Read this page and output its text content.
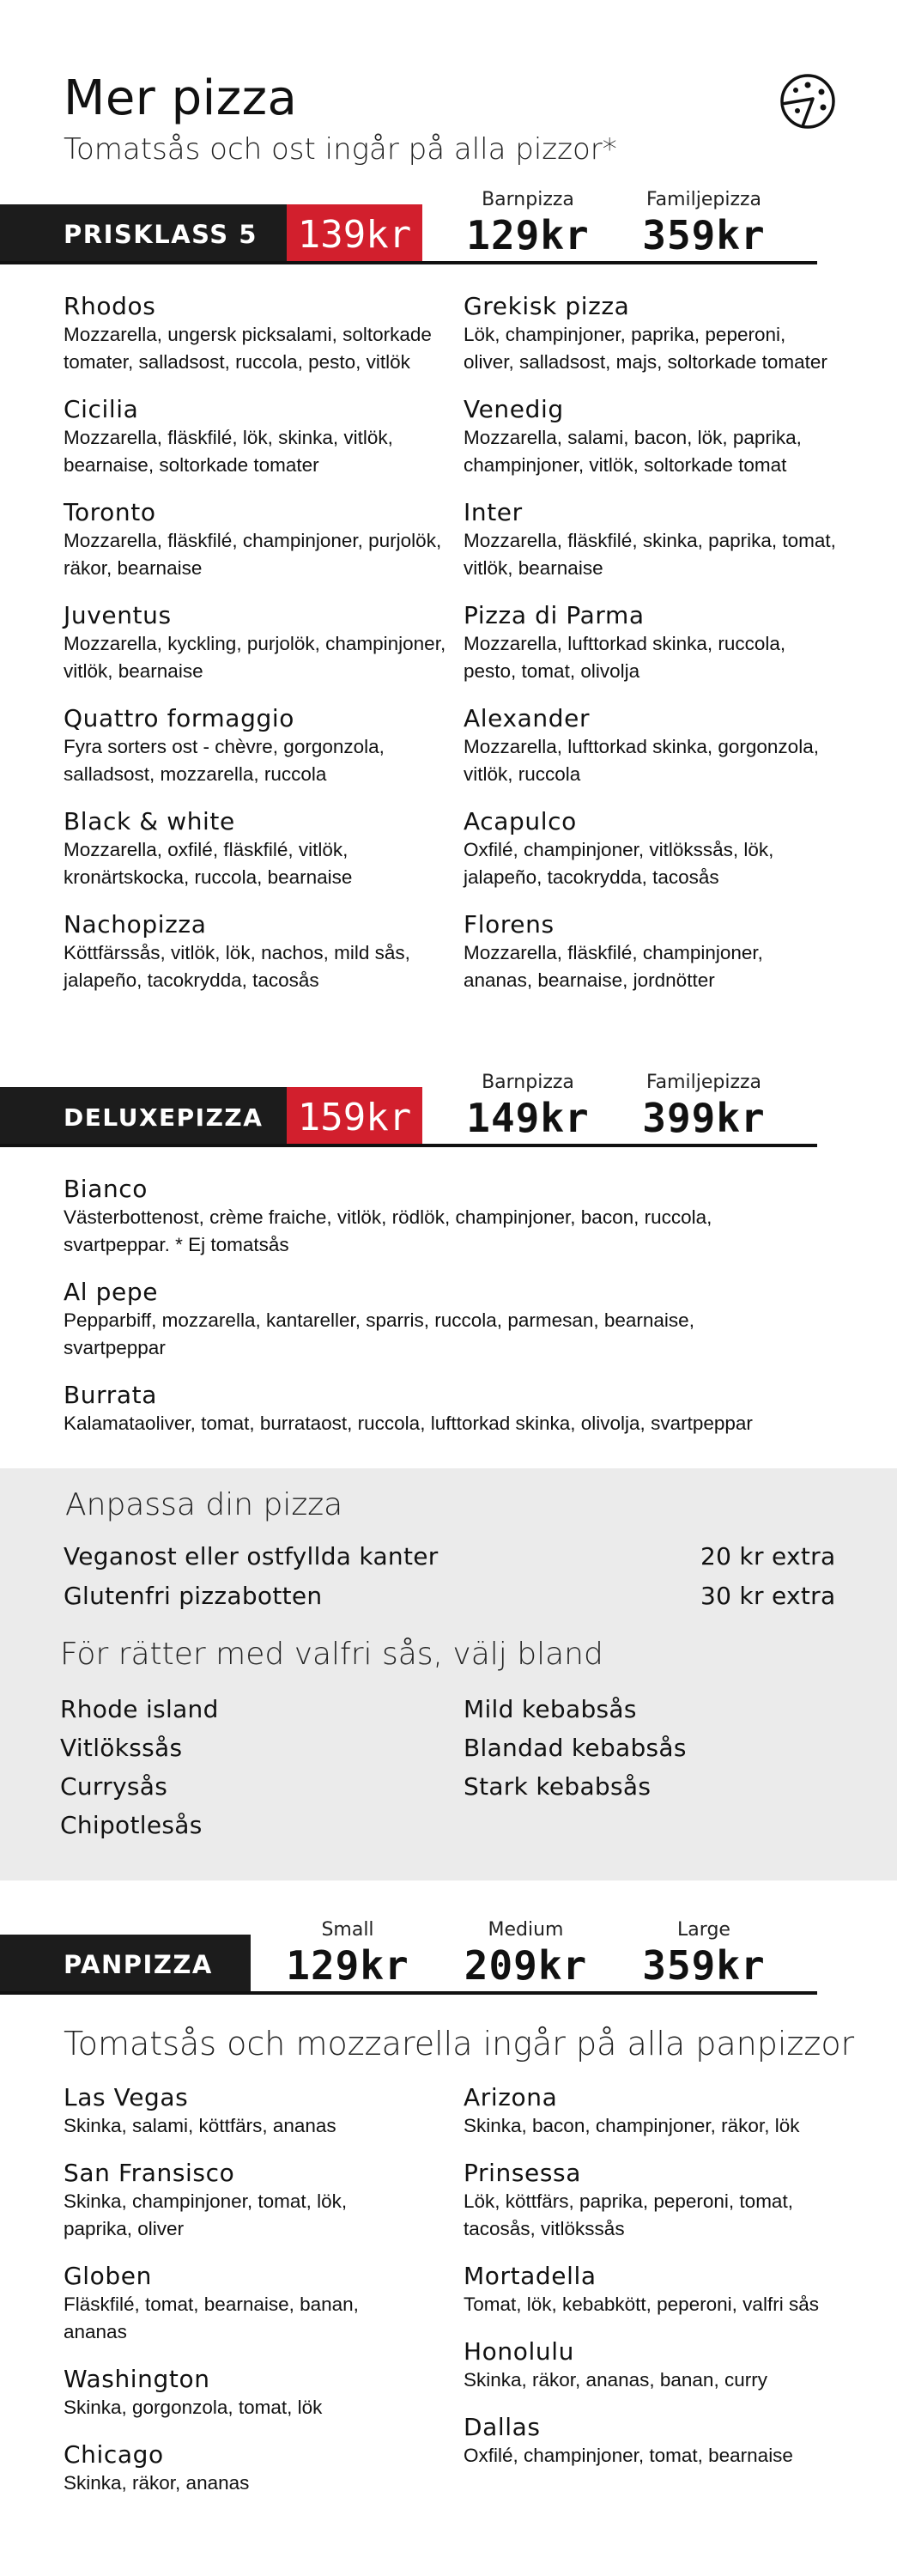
Mer pizza
Tomatsås och ost ingår på alla pizzor*
PRISKLASS 5	139kr
Barnpizza
129kr
Familjepizza
359kr
Rhodos
Mozzarella, ungersk picksalami, soltorkade tomater, salladsost, ruccola, pesto, vitlök
Cicilia
Mozzarella, fläskfilé, lök, skinka, vitlök, bearnaise, soltorkade tomater
Toronto
Mozzarella, fläskfilé, champinjoner, purjolök, räkor, bearnaise
Juventus
Mozzarella, kyckling, purjolök, champinjoner, vitlök, bearnaise
Quattro formaggio
Fyra sorters ost - chèvre, gorgonzola, salladsost, mozzarella, ruccola
Black & white
Mozzarella, oxfilé, fläskfilé, vitlök, kronärtskocka, ruccola, bearnaise
Nachopizza
Köttfärssås, vitlök, lök, nachos, mild sås, jalapeño, tacokrydda, tacosås
Grekisk pizza
Lök, champinjoner, paprika, peperoni, oliver, salladsost, majs, soltorkade tomater
Venedig
Mozzarella, salami, bacon, lök, paprika, champinjoner, vitlök, soltorkade tomat
Inter
Mozzarella, fläskfilé, skinka, paprika, tomat, vitlök, bearnaise
Pizza di Parma
Mozzarella, lufttorkad skinka, ruccola, pesto, tomat, olivolja
Alexander
Mozzarella, lufttorkad skinka, gorgonzola, vitlök, ruccola
Acapulco
Oxfilé, champinjoner, vitlökssås, lök, jalapeño, tacokrydda, tacosås
Florens
Mozzarella, fläskfilé, champinjoner, ananas, bearnaise, jordnötter
DELUXEPIZZA 159kr
Barnpizza
149kr
Familjepizza
399kr
Bianco
Västerbottenost, crème fraiche, vitlök, rödlök, champinjoner, bacon, ruccola, svartpeppar. * Ej tomatsås
Al pepe
Pepparbiff, mozzarella, kantareller, sparris, ruccola, parmesan, bearnaise, svartpeppar
Burrata
Kalamataoliver, tomat, burrataost, ruccola, lufttorkad skinka, olivolja, svartpeppar
Anpassa din pizza
Veganost eller ostfyllda kanter	20 kr extra
Glutenfri pizzabotten	30 kr extra
För rätter med valfri sås, välj bland
Rhode island
Vitlökssås
Currysås
Chipotlesås
Mild kebabsås
Blandad kebabsås
Stark kebabsås
PANPIZZA
Small
129kr
Medium
209kr
Large
359kr
Tomatsås och mozzarella ingår på alla panpizzor
Las Vegas
Skinka, salami, köttfärs, ananas
San Fransisco
Skinka, champinjoner, tomat, lök, paprika, oliver
Globen
Fläskfilé, tomat, bearnaise, banan, ananas
Washington
Skinka, gorgonzola, tomat, lök
Chicago
Skinka, räkor, ananas
Arizona
Skinka, bacon, champinjoner, räkor, lök
Prinsessa
Lök, köttfärs, paprika, peperoni, tomat, tacosås, vitlökssås
Mortadella
Tomat, lök, kebabkött, peperoni, valfri sås
Honolulu
Skinka, räkor, ananas, banan, curry
Dallas
Oxfilé, champinjoner, tomat, bearnaise
